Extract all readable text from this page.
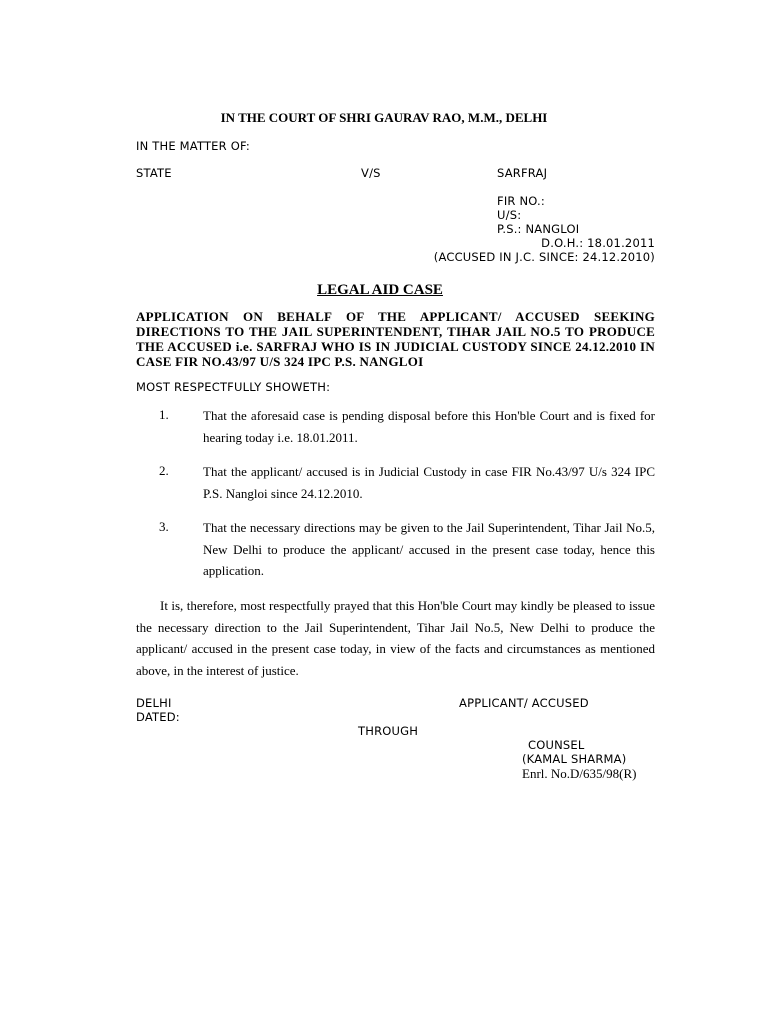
IN THE COURT OF SHRI GAURAV RAO, M.M., DELHI
IN THE MATTER OF:
STATE	V/S	SARFRAJ
FIR NO.:
U/S:
P.S.: NANGLOI
D.O.H.: 18.01.2011
(ACCUSED IN J.C. SINCE: 24.12.2010)
LEGAL AID CASE
APPLICATION ON BEHALF OF THE APPLICANT/ ACCUSED SEEKING DIRECTIONS TO THE JAIL SUPERINTENDENT, TIHAR JAIL NO.5 TO PRODUCE THE ACCUSED i.e. SARFRAJ WHO IS IN JUDICIAL CUSTODY SINCE 24.12.2010 IN CASE FIR NO.43/97 U/S 324 IPC P.S. NANGLOI
MOST RESPECTFULLY SHOWETH:
1.	That the aforesaid case is pending disposal before this Hon'ble Court and is fixed for hearing today i.e. 18.01.2011.
2.	That the applicant/ accused is in Judicial Custody in case FIR No.43/97 U/s 324 IPC P.S. Nangloi since 24.12.2010.
3.	That the necessary directions may be given to the Jail Superintendent, Tihar Jail No.5, New Delhi to produce the applicant/ accused in the present case today, hence this application.
It is, therefore, most respectfully prayed that this Hon'ble Court may kindly be pleased to issue the necessary direction to the Jail Superintendent, Tihar Jail No.5, New Delhi to produce the applicant/ accused in the present case today, in view of the facts and circumstances as mentioned above, in the interest of justice.
DELHI
DATED:
APPLICANT/ ACCUSED
THROUGH
COUNSEL
(KAMAL SHARMA)
Enrl. No.D/635/98(R)
